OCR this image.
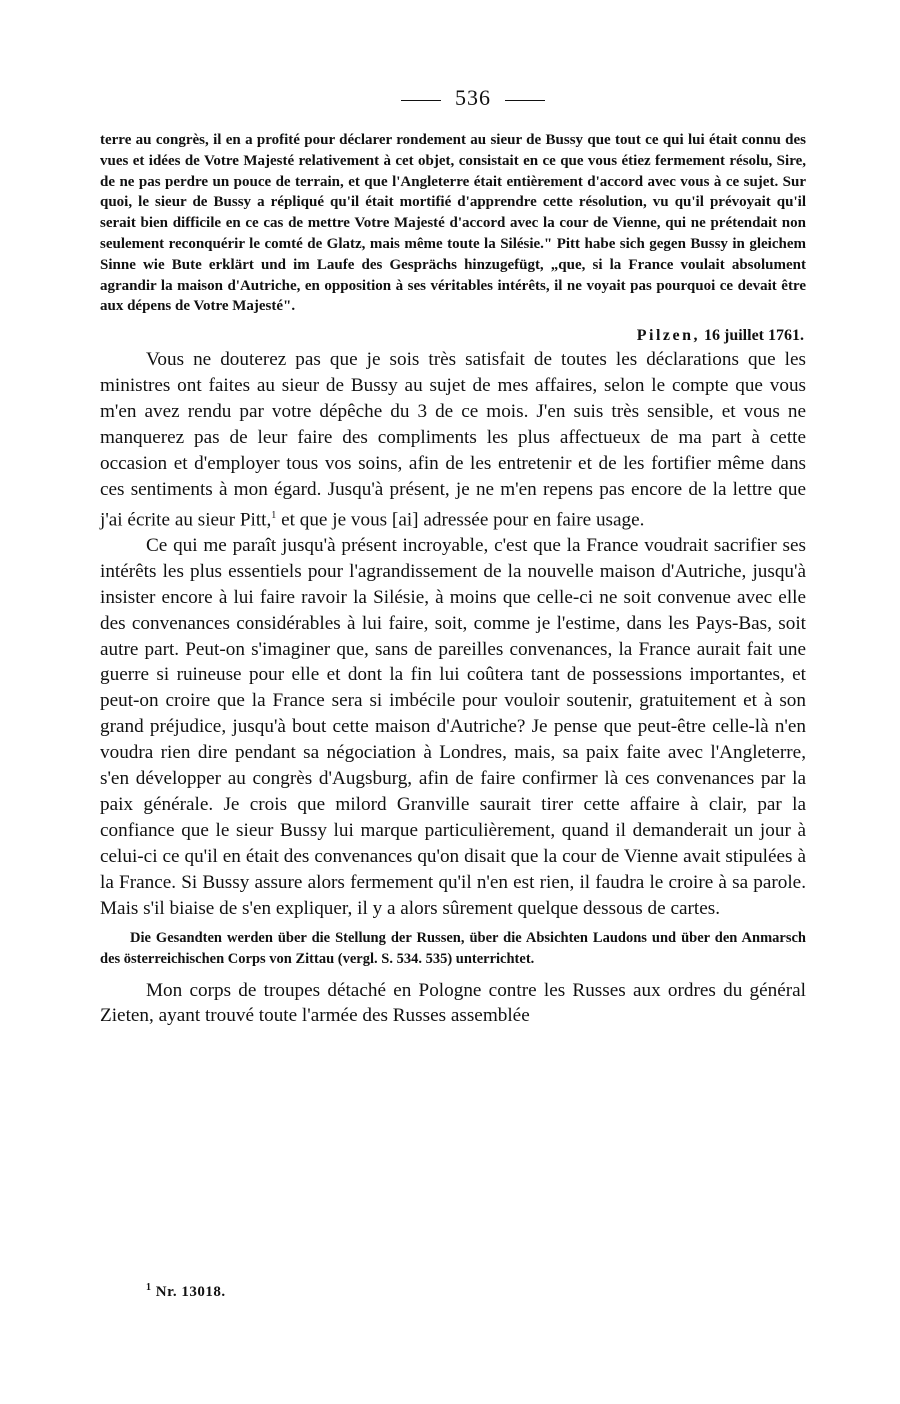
536

terre au congrès, il en a profité pour déclarer rondement au sieur de Bussy que tout ce qui lui était connu des vues et idées de Votre Majesté relativement à cet objet, consistait en ce que vous étiez fermement résolu, Sire, de ne pas perdre un pouce de terrain, et que l'Angleterre était entièrement d'accord avec vous à ce sujet. Sur quoi, le sieur de Bussy a répliqué qu'il était mortifié d'apprendre cette résolution, vu qu'il prévoyait qu'il serait bien difficile en ce cas de mettre Votre Majesté d'accord avec la cour de Vienne, qui ne prétendait non seulement reconquérir le comté de Glatz, mais même toute la Silésie." Pitt habe sich gegen Bussy in gleichem Sinne wie Bute erklärt und im Laufe des Gesprächs hinzugefügt, „que, si la France voulait absolument agrandir la maison d'Autriche, en opposition à ses véritables intérêts, il ne voyait pas pourquoi ce devait être aux dépens de Votre Majesté".

Pilzen, 16 juillet 1761.

Vous ne douterez pas que je sois très satisfait de toutes les déclarations que les ministres ont faites au sieur de Bussy au sujet de mes affaires, selon le compte que vous m'en avez rendu par votre dépêche du 3 de ce mois. J'en suis très sensible, et vous ne manquerez pas de leur faire des compliments les plus affectueux de ma part à cette occasion et d'employer tous vos soins, afin de les entretenir et de les fortifier même dans ces sentiments à mon égard. Jusqu'à présent, je ne m'en repens pas encore de la lettre que j'ai écrite au sieur Pitt,$^1$ et que je vous [ai] adressée pour en faire usage.

Ce qui me paraît jusqu'à présent incroyable, c'est que la France voudrait sacrifier ses intérêts les plus essentiels pour l'agrandissement de la nouvelle maison d'Autriche, jusqu'à insister encore à lui faire ravoir la Silésie, à moins que celle-ci ne soit convenue avec elle des convenances considérables à lui faire, soit, comme je l'estime, dans les Pays-Bas, soit autre part. Peut-on s'imaginer que, sans de pareilles convenances, la France aurait fait une guerre si ruineuse pour elle et dont la fin lui coûtera tant de possessions importantes, et peut-on croire que la France sera si imbécile pour vouloir soutenir, gratuitement et à son grand préjudice, jusqu'à bout cette maison d'Autriche? Je pense que peut-être celle-là n'en voudra rien dire pendant sa négociation à Londres, mais, sa paix faite avec l'Angleterre, s'en développer au congrès d'Augsburg, afin de faire confirmer là ces convenances par la paix générale. Je crois que milord Granville saurait tirer cette affaire à clair, par la confiance que le sieur Bussy lui marque particulièrement, quand il demanderait un jour à celui-ci ce qu'il en était des convenances qu'on disait que la cour de Vienne avait stipulées à la France. Si Bussy assure alors fermement qu'il n'en est rien, il faudra le croire à sa parole. Mais s'il biaise de s'en expliquer, il y a alors sûrement quelque dessous de cartes.

Die Gesandten werden über die Stellung der Russen, über die Absichten Laudons und über den Anmarsch des österreichischen Corps von Zittau (vergl. S. 534. 535) unterrichtet.

Mon corps de troupes détaché en Pologne contre les Russes aux ordres du général Zieten, ayant trouvé toute l'armée des Russes assemblée

$^1$ Nr. 13018.
